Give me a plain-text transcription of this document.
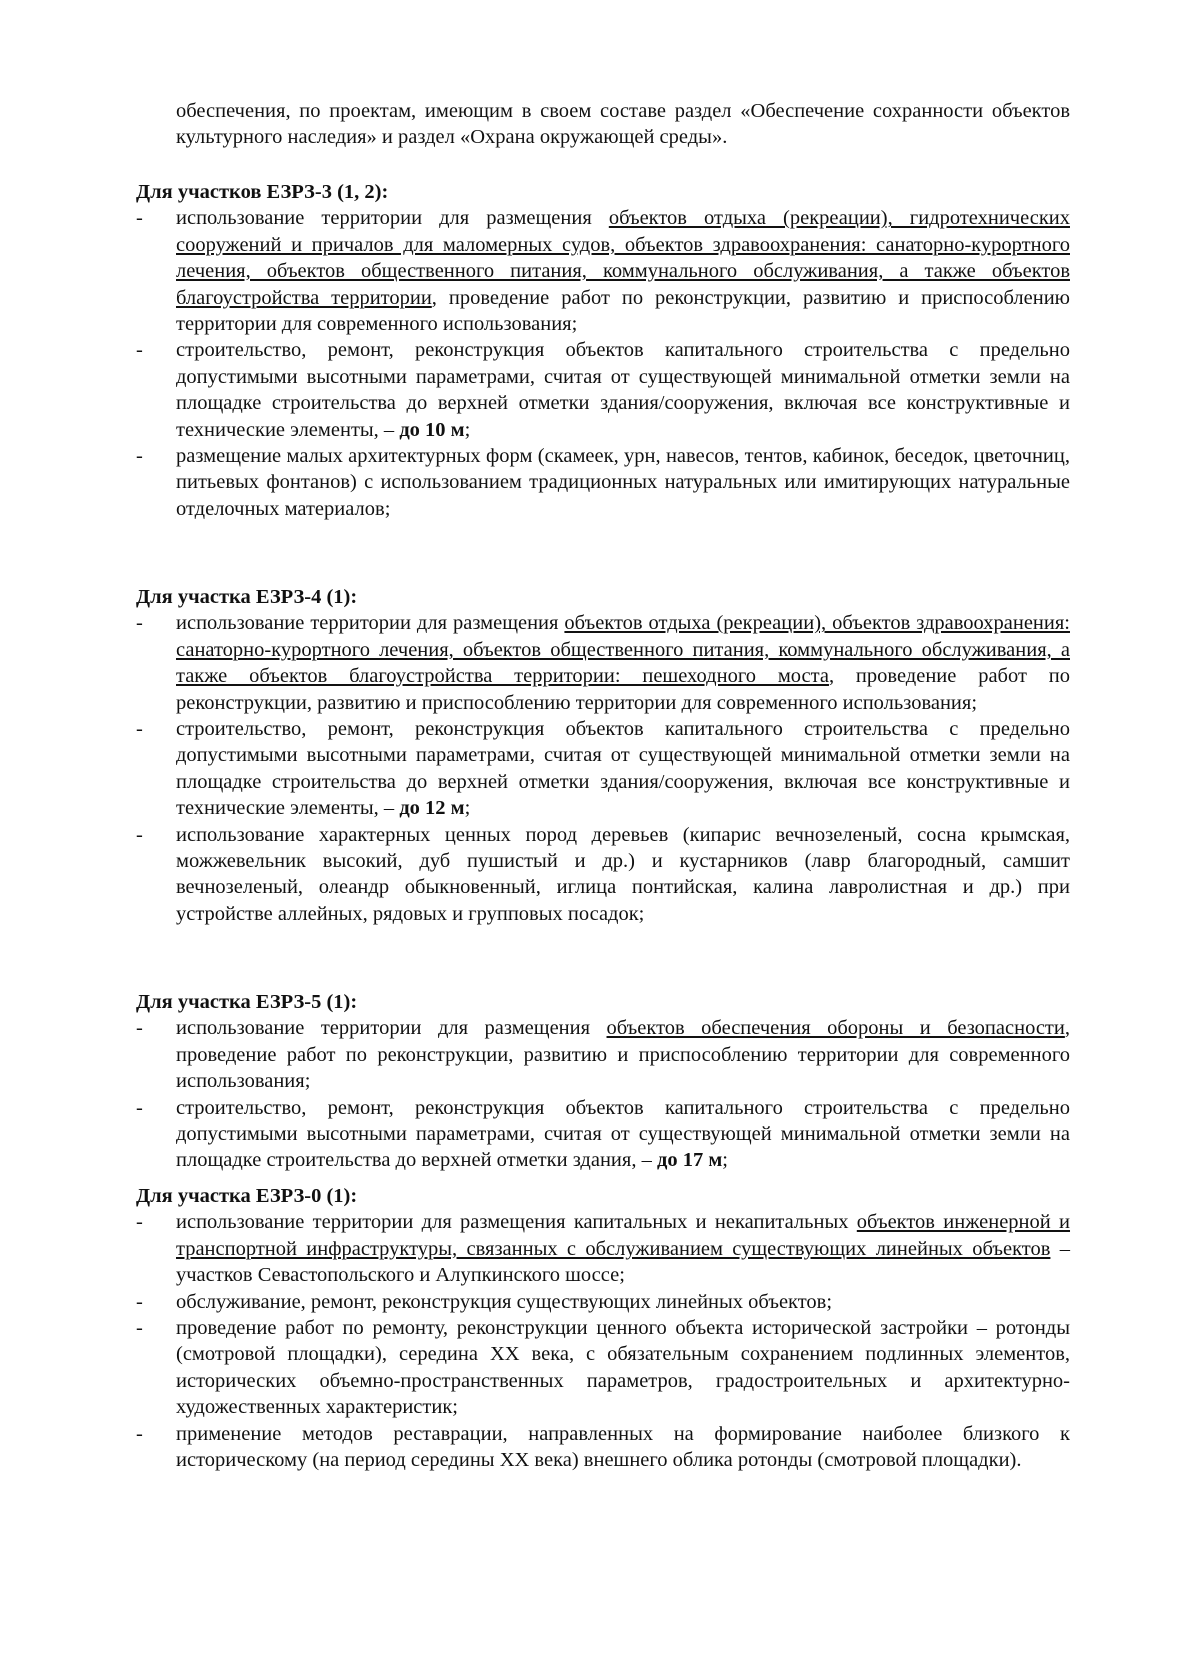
обеспечения, по проектам, имеющим в своем составе раздел «Обеспечение сохранности объектов культурного наследия» и раздел «Охрана окружающей среды».

Для участков ЕЗРЗ-3 (1, 2):

- использование территории для размещения объектов отдыха (рекреации), гидротехнических сооружений и причалов для маломерных судов, объектов здравоохранения: санаторно-курортного лечения, объектов общественного питания, коммунального обслуживания, а также объектов благоустройства территории, проведение работ по реконструкции, развитию и приспособлению территории для современного использования;
- строительство, ремонт, реконструкция объектов капитального строительства с предельно допустимыми высотными параметрами, считая от существующей минимальной отметки земли на площадке строительства до верхней отметки здания/сооружения, включая все конструктивные и технические элементы, – до 10 м;
- размещение малых архитектурных форм (скамеек, урн, навесов, тентов, кабинок, беседок, цветочниц, питьевых фонтанов) с использованием традиционных натуральных или имитирующих натуральные отделочных материалов;

Для участка ЕЗРЗ-4 (1):

- использование территории для размещения объектов отдыха (рекреации), объектов здравоохранения: санаторно-курортного лечения, объектов общественного питания, коммунального обслуживания, а также объектов благоустройства территории: пешеходного моста, проведение работ по реконструкции, развитию и приспособлению территории для современного использования;
- строительство, ремонт, реконструкция объектов капитального строительства с предельно допустимыми высотными параметрами, считая от существующей минимальной отметки земли на площадке строительства до верхней отметки здания/сооружения, включая все конструктивные и технические элементы, – до 12 м;
- использование характерных ценных пород деревьев (кипарис вечнозеленый, сосна крымская, можжевельник высокий, дуб пушистый и др.) и кустарников (лавр благородный, самшит вечнозеленый, олеандр обыкновенный, иглица понтийская, калина лавролистная и др.) при устройстве аллейных, рядовых и групповых посадок;

Для участка ЕЗРЗ-5 (1):

- использование территории для размещения объектов обеспечения обороны и безопасности, проведение работ по реконструкции, развитию и приспособлению территории для современного использования;
- строительство, ремонт, реконструкция объектов капитального строительства с предельно допустимыми высотными параметрами, считая от существующей минимальной отметки земли на площадке строительства до верхней отметки здания, – до 17 м;

Для участка ЕЗРЗ-0 (1):

- использование территории для размещения капитальных и некапитальных объектов инженерной и транспортной инфраструктуры, связанных с обслуживанием существующих линейных объектов – участков Севастопольского и Алупкинского шоссе;
- обслуживание, ремонт, реконструкция существующих линейных объектов;
- проведение работ по ремонту, реконструкции ценного объекта исторической застройки – ротонды (смотровой площадки), середина XX века, с обязательным сохранением подлинных элементов, исторических объемно-пространственных параметров, градостроительных и архитектурно-художественных характеристик;
- применение методов реставрации, направленных на формирование наиболее близкого к историческому (на период середины XX века) внешнего облика ротонды (смотровой площадки).
